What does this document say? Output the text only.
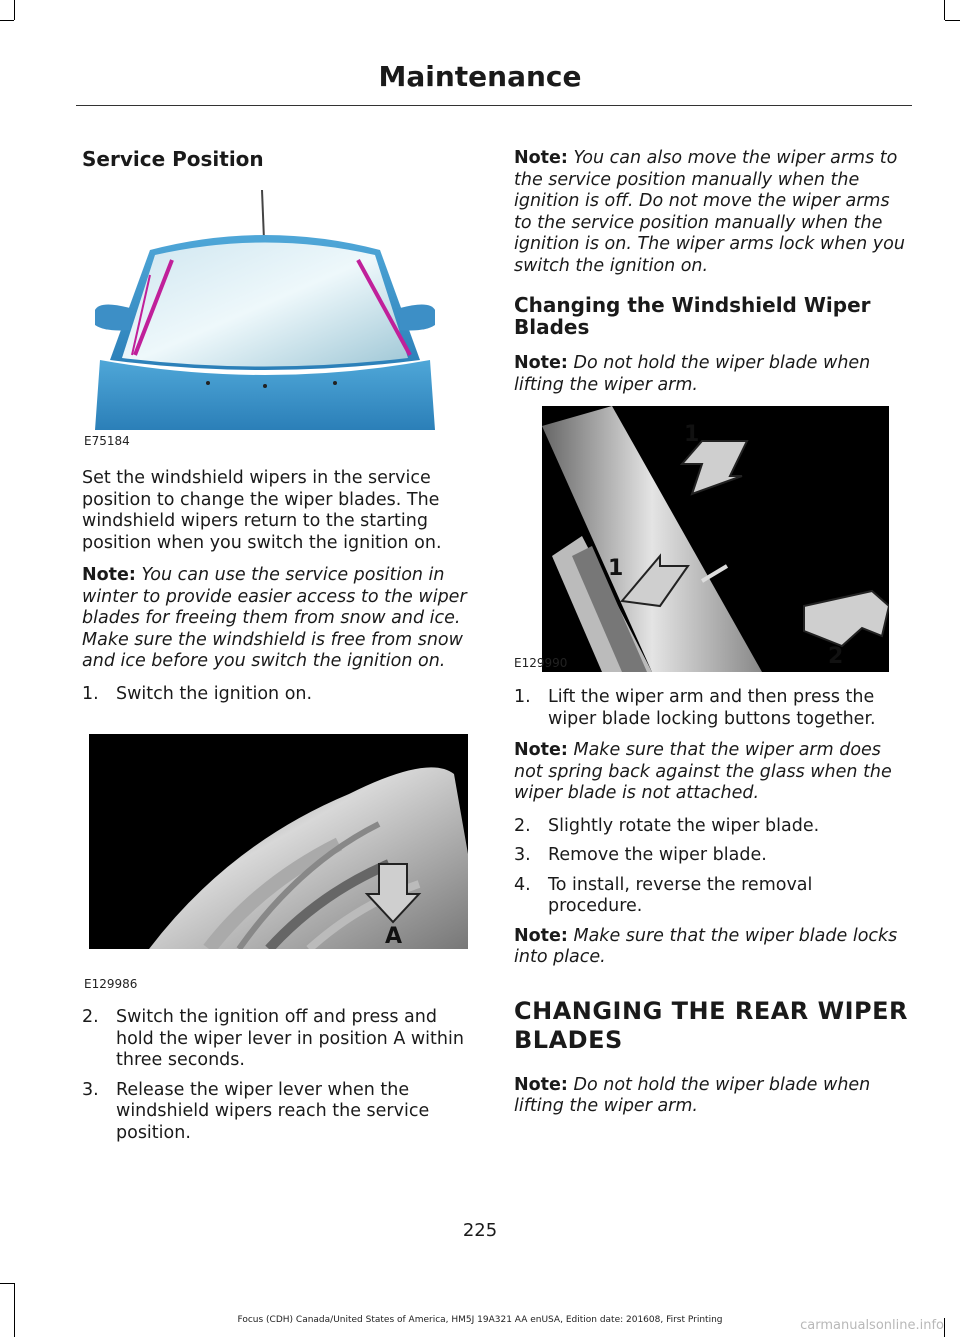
Maintenance
Service Position
E75184

Set the windshield wipers in the service position to change the wiper blades. The windshield wipers return to the starting position when you switch the ignition on.

Note: You can use the service position in winter to provide easier access to the wiper blades for freeing them from snow and ice. Make sure the windshield is free from snow and ice before you switch the ignition on.

1. Switch the ignition on.
A
E129986
2. Switch the ignition off and press and hold the wiper lever in position A within three seconds.
3. Release the wiper lever when the windshield wipers reach the service position.

Note: You can also move the wiper arms to the service position manually when the ignition is off. Do not move the wiper arms to the service position manually when the ignition is on. The wiper arms lock when you switch the ignition on.

Changing the Windshield Wiper Blades

Note: Do not hold the wiper blade when lifting the wiper arm.

1
1
2
E129990
1. Lift the wiper arm and then press the wiper blade locking buttons together.

Note: Make sure that the wiper arm does not spring back against the glass when the wiper blade is not attached.

2. Slightly rotate the wiper blade.
3. Remove the wiper blade.
4. To install, reverse the removal procedure.

Note: Make sure that the wiper blade locks into place.

CHANGING THE REAR WIPER
BLADES

Note: Do not hold the wiper blade when lifting the wiper arm.

225
Focus (CDH) Canada/United States of America, HM5J 19A321 AA enUSA, Edition date: 201608, First Printing	carmanualsonline.info
